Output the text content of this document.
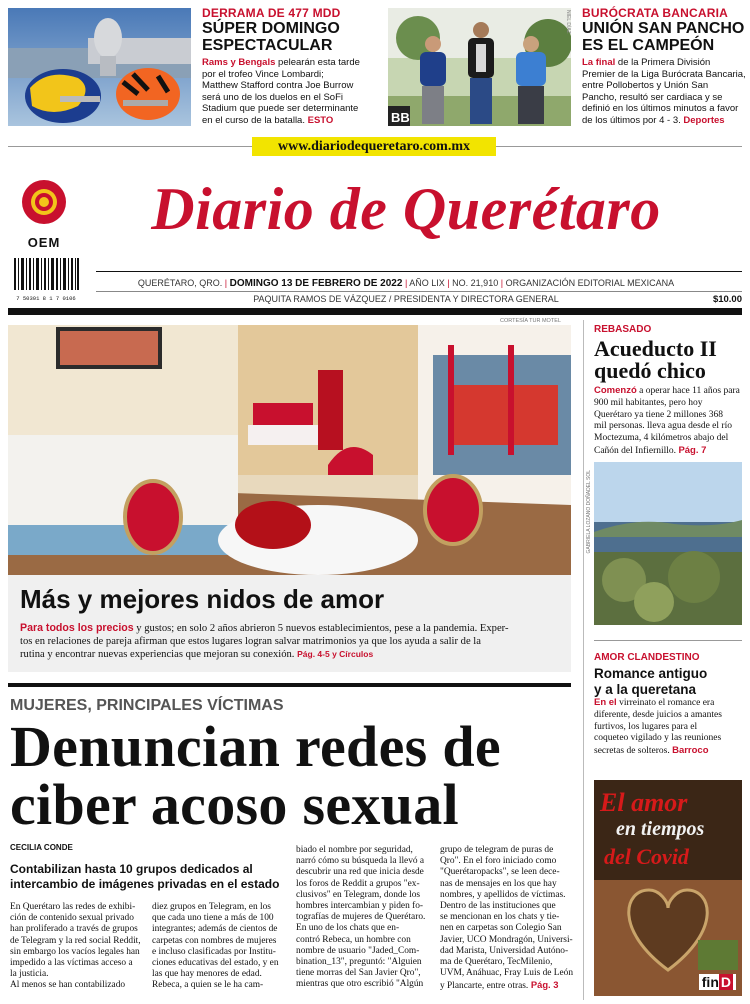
DERRAMA DE 477 MDD
SÚPER DOMINGO
ESPECTACULAR
Rams y Bengals pelearán esta tarde
por el trofeo Vince Lombardi;
Matthew Stafford contra Joe Burrow
será uno de los duelos en el SoFi
Stadium que puede ser determinante
en el curso de la batalla. ESTO	BB
NIEL DÍAZ BURÓCRATA BANCARIA
UNIÓN SAN PANCHO
ES EL CAMPEÓN
La final de la Primera División
Premier de la Liga Burócrata Bancaria,
entre Pollobertos y Unión San
Pancho, resultó ser cardiaca y se
definió en los últimos minutos a favor
de los últimos por 4 - 3. Deportes
www.diariodequeretaro.com.mx
OEM
7 50301 8 1 7 0106
Diario de Querétaro
QUERÉTARO, QRO. | DOMINGO 13 DE FEBRERO DE 2022 | AÑO LIX | NO. 21,910 | ORGANIZACIÓN EDITORIAL MEXICANA
PAQUITA RAMOS DE VÁZQUEZ / PRESIDENTA Y DIRECTORA GENERAL	$10.00
CORTESÍA TUR MOTEL
Más y mejores nidos de amor
Para todos los precios y gustos; en solo 2 años abrieron 5 nuevos establecimientos, pese a la pandemia. Exper-
tos en relaciones de pareja afirman que estos lugares logran salvar matrimonios ya que los ayuda a salir de la
rutina y encontrar nuevas experiencias que mejoran su conexión. Pág. 4-5 y Círculos
REBASADO
Acueducto II
quedó chico
Comenzó a operar hace 11 años para
900 mil habitantes, pero hoy
Querétaro ya tiene 2 millones 368
mil personas. lleva agua desde el río
Moctezuma, 4 kilómetros abajo del
Cañón del Infiernillo. Pág. 7
GABRIELA LOZANO DOÑADEL SOL
AMOR CLANDESTINO
Romance antiguo
y a la queretana
En el virreinato el romance era
diferente, desde juicios a amantes
furtivos, los lugares para el
coqueteo vigilado y las reuniones
secretas de solteros. Barroco
El amor
en tiempos
del Covid
fin D
MUJERES, PRINCIPALES VÍCTIMAS
Denuncian redes de
ciber acoso sexual
CECILIA CONDE
Contabilizan hasta 10 grupos dedicados al
intercambio de imágenes privadas en el estado
En Querétaro las redes de exhibi-
ción de contenido sexual privado
han proliferado a través de grupos
de Telegram y la red social Reddit,
sin embargo los vacíos legales han
impedido a las víctimas acceso a
la justicia.
Al menos se han contabilizado
diez grupos en Telegram, en los
que cada uno tiene a más de 100
integrantes; además de cientos de
carpetas con nombres de mujeres
e incluso clasificadas por Institu-
ciones educativas del estado, y en
las que hay menores de edad.
Rebeca, a quien se le ha cam-
biado el nombre por seguridad,
narró cómo su búsqueda la llevó a
descubrir una red que inicia desde
los foros de Reddit a grupos "ex-
clusivos" en Telegram, donde los
hombres intercambian y piden fo-
tografías de mujeres de Querétaro.
En uno de los chats que en-
contró Rebeca, un hombre con
nombre de usuario "Jaded_Com-
bination_13", preguntó: "Alguien
tiene morras del San Javier Qro",
mientras que otro escribió "Algún
grupo de telegram de puras de
Qro". En el foro iniciado como
"Querétaropacks", se leen dece-
nas de mensajes en los que hay
nombres, y apellidos de víctimas.
Dentro de las instituciones que
se mencionan en los chats y tie-
nen en carpetas son Colegio San
Javier, UCO Mondragón, Universi-
dad Marista, Universidad Autóno-
ma de Querétaro, TecMilenio,
UVM, Anáhuac, Fray Luis de León
y Plancarte, entre otras. Pág. 3
